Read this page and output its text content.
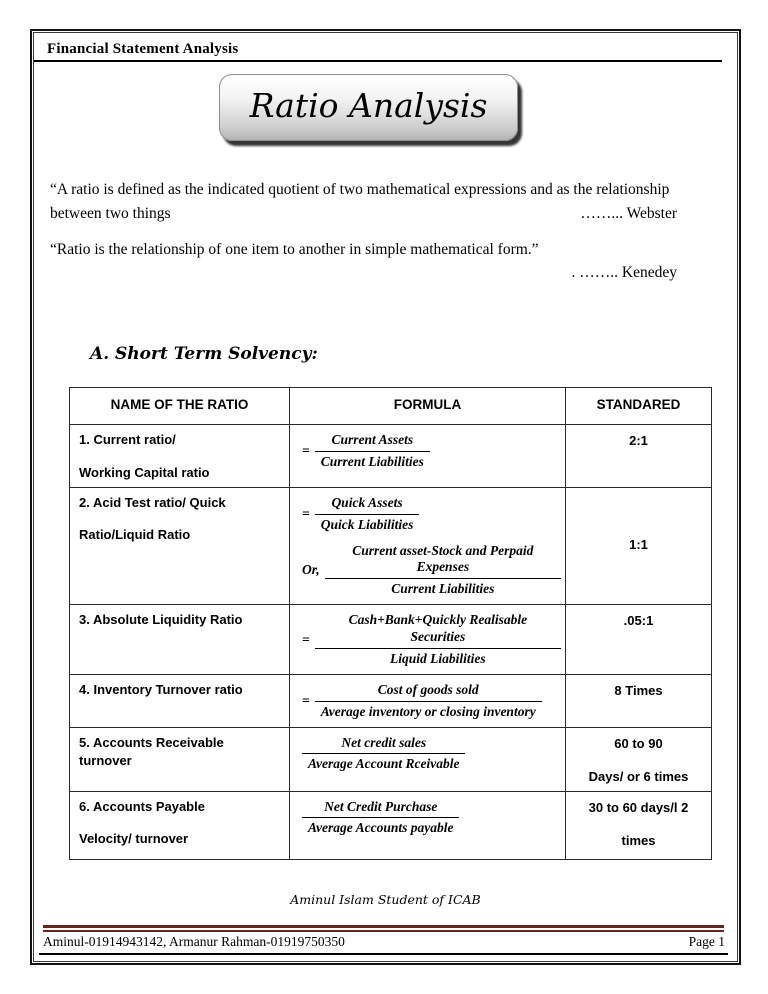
Financial Statement Analysis
Ratio Analysis
“A ratio is defined as the indicated quotient of two mathematical expressions and as the relationship between two things	……... Webster
“Ratio is the relationship of one item to another in simple mathematical form.”
. …….. Kenedey
A. Short Term Solvency:
NAME OF THE RATIO	FORMULA	STANDARED

1. Current ratio/
Working Capital ratio

= $\frac{\text{Current Assets}}{\text{Current Liabilities}}$	2:1

2. Acid Test ratio/ Quick
Ratio/Liquid Ratio

= $\frac{\text{Quick Assets}}{\text{Quick Liabilities}}$
Or, $\frac{\text{Current asset-Stock and Perpaid Expenses}}{\text{Current Liabilities}}$	1:1

3. Absolute Liquidity Ratio	= $\frac{\text{Cash+Bank+Quickly Realisable Securities}}{\text{Liquid Liabilities}}$	.05:1

4. Inventory Turnover ratio	= $\frac{\text{Cost of goods sold}}{\text{Average inventory or closing inventory}}$	8 Times

5. Accounts Receivable
turnover	$\frac{\text{Net credit sales}}{\text{Average Account Rceivable}}$	60 to 90
Days/ or 6 times

6. Accounts Payable
Velocity/ turnover

$\frac{\text{Net Credit Purchase}}{\text{Average Accounts payable}}$	30 to 60 days/l 2
times
Aminul Islam Student of ICAB
Aminul-01914943142, Armanur Rahman-01919750350	Page 1
